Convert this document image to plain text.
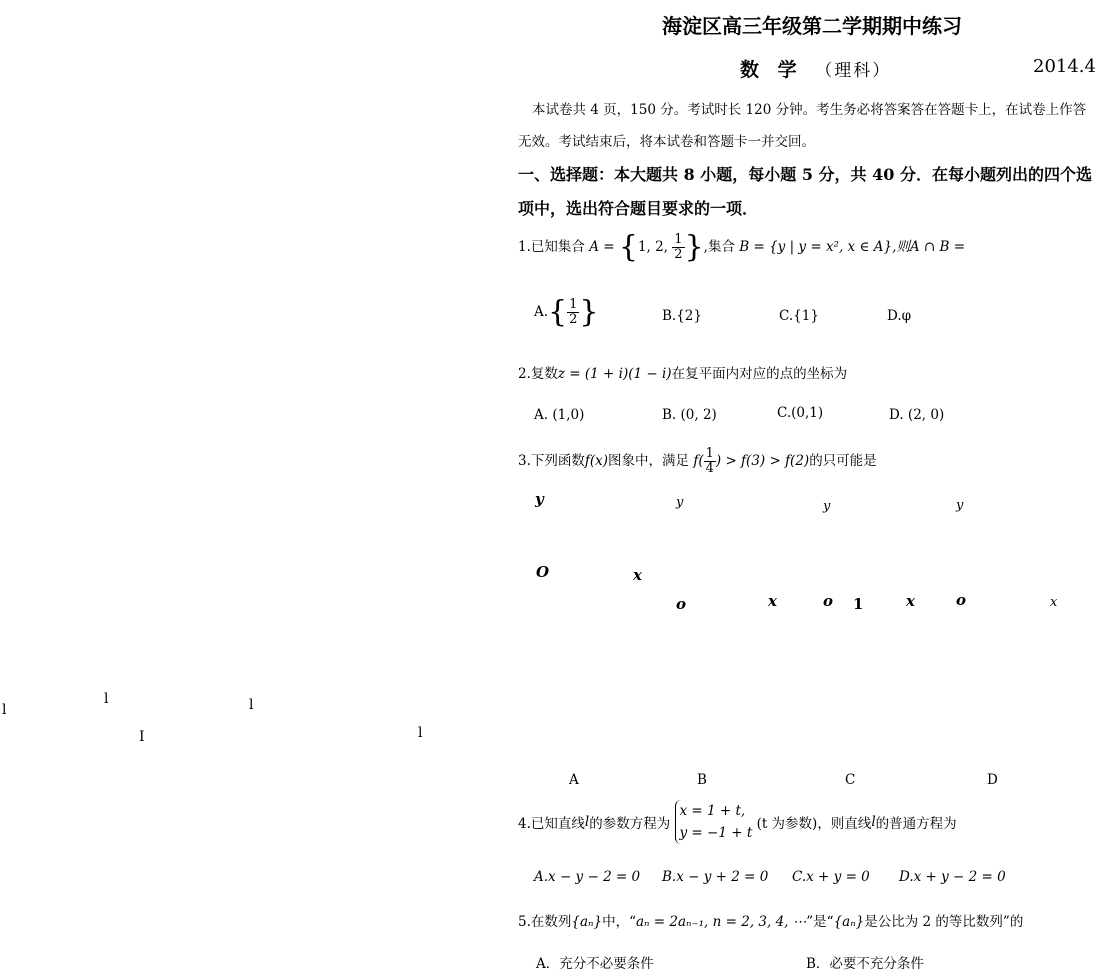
海淀区高三年级第二学期期中练习
数 学 （理科）	2014.4
本试卷共 4 页，150 分。考试时长 120 分钟。考生务必将答案答在答题卡上，在试卷上作答无效。考试结束后，将本试卷和答题卡一并交回。
一、选择题：本大题共 8 小题，每小题 5 分，共 40 分．在每小题列出的四个选项中，选出符合题目要求的一项．
1.已知集合 A = {1, 2, $\frac{1}{2}$ },集合 B = {y | y = x², x ∈ A},则A ∩ B =
$A.\{ \frac{1}{2}$ }	B.{2}	C.{1}	D.φ
2.复数z = (1 + i)(1 − i)在复平面内对应的点的坐标为
A. (1,0)	B. (0, 2)	C.(0,1)	D. (2, 0)
3.下列函数f(x)图象中，满足 $f( \frac{1}{4}$ ) > f(3) > f(2)的只可能是
y	y	y	y
O	x
o	x	o 1	x	o	x
l
l	l
I	l
A	B	C	D
4.已知直线l的参数方程为
x = 1 + t,
y = −1 + t
(t 为参数)，则直线l的普通方程为
A.x − y − 2 = 0 B.x − y + 2 = 0 C.x + y = 0 D.x + y − 2 = 0
5.在数列{aₙ}中，“aₙ = 2aₙ₋₁, n = 2, 3, 4, ⋯”是“{aₙ}是公比为 2 的等比数列”的
A．充分不必要条件	B．必要不充分条件
